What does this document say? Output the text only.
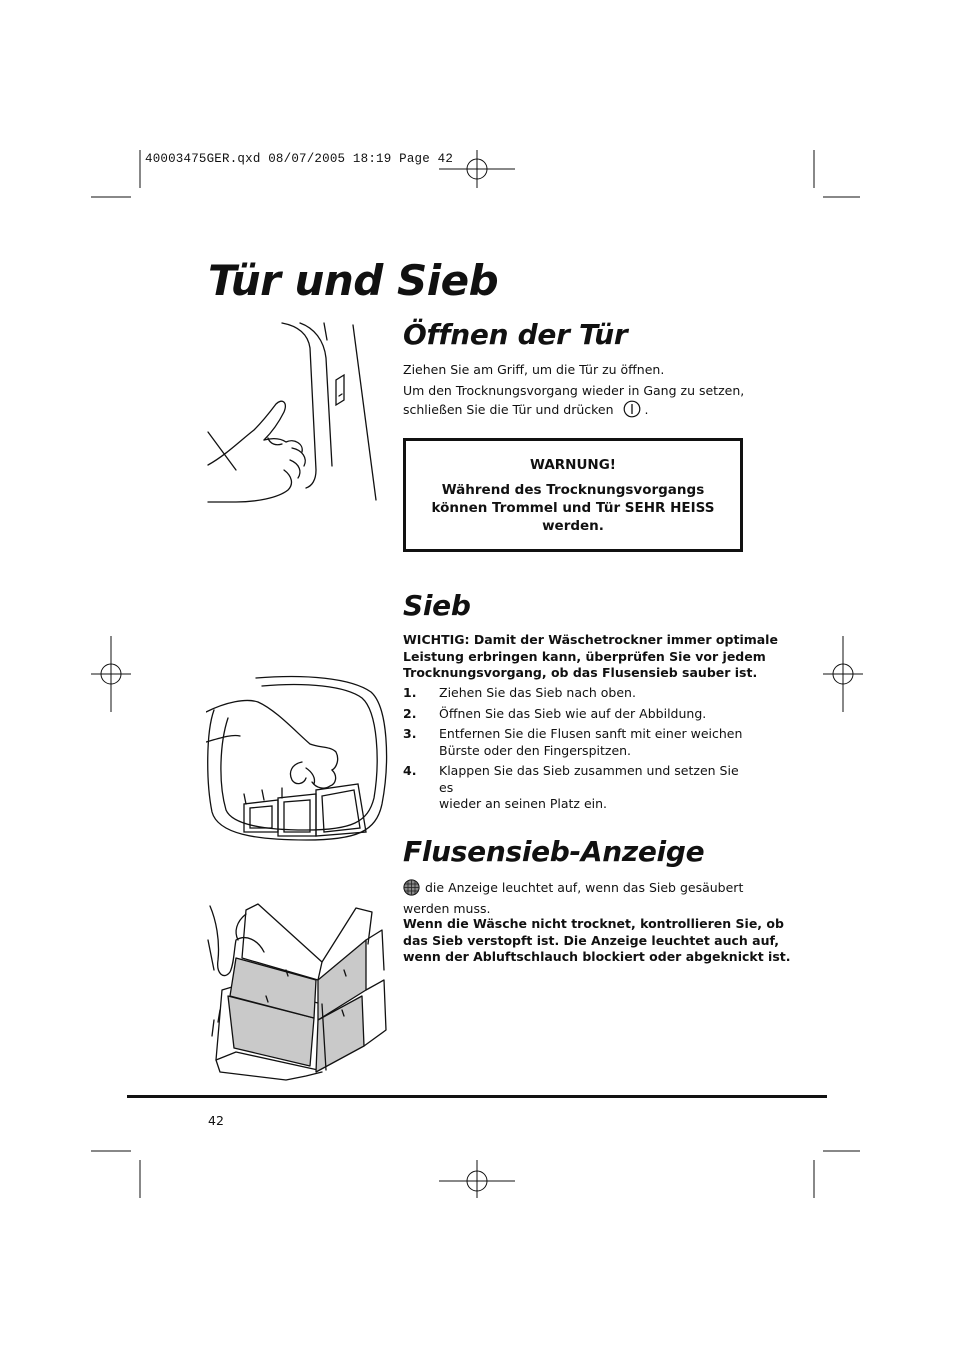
40003475GER.qxd 08/07/2005 18:19 Page 42
Tür und Sieb
Öffnen der Tür

Ziehen Sie am Griff, um die Tür zu öffnen.

Um den Trocknungsvorgang wieder in Gang zu setzen,

schließen Sie die Tür und drücken .

WARNUNG!
Während des Trocknungsvorgangs
können Trommel und Tür SEHR HEISS
werden.
Sieb
WICHTIG: Damit der Wäschetrockner immer optimale
Leistung erbringen kann, überprüfen Sie vor jedem
Trocknungsvorgang, ob das Flusensieb sauber ist.
1. Ziehen Sie das Sieb nach oben.
2. Öffnen Sie das Sieb wie auf der Abbildung.
3. Entfernen Sie die Flusen sanft mit einer weichen
Bürste oder den Fingerspitzen.
4. Klappen Sie das Sieb zusammen und setzen Sie es
wieder an seinen Platz ein.
Flusensieb-Anzeige
die Anzeige leuchtet auf, wenn das Sieb gesäubert
werden muss.
Wenn die Wäsche nicht trocknet, kontrollieren Sie, ob
das Sieb verstopft ist. Die Anzeige leuchtet auch auf,
wenn der Abluftschlauch blockiert oder abgeknickt ist.
42
